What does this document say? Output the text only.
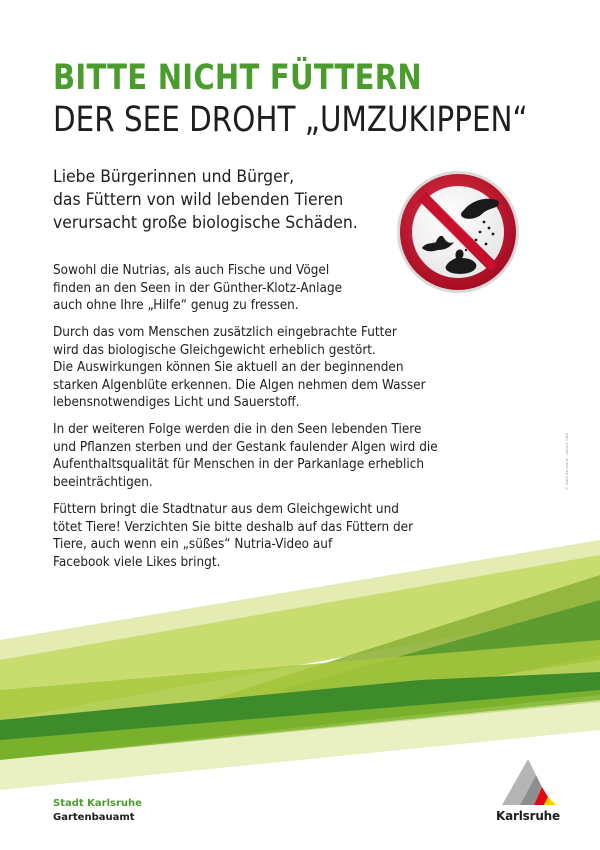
BITTE NICHT FÜTTERN
DER SEE DROHT „UMZUKIPPEN“
Liebe Bürgerinnen und Bürger,
das Füttern von wild lebenden Tieren
verursacht große biologische Schäden.
Sowohl die Nutrias, als auch Fische und Vögel
finden an den Seen in der Günther-Klotz-Anlage
auch ohne Ihre „Hilfe“ genug zu fressen.
Durch das vom Menschen zusätzlich eingebrachte Futter
wird das biologische Gleichgewicht erheblich gestört.
Die Auswirkungen können Sie aktuell an der beginnenden
starken Algenblüte erkennen. Die Algen nehmen dem Wasser
lebensnotwendiges Licht und Sauerstoff.
In der weiteren Folge werden die in den Seen lebenden Tiere
und Pflanzen sterben und der Gestank faulender Algen wird die
Aufenthaltsqualität für Menschen in der Parkanlage erheblich
beeinträchtigen.
Füttern bringt die Stadtnatur aus dem Gleichgewicht und
tötet Tiere! Verzichten Sie bitte deshalb auf das Füttern der
Tiere, auch wenn ein „süßes“ Nutria-Video auf
Facebook viele Likes bringt.
© Stadt Karlsruhe · Layout: GBA
Stadt Karlsruhe
Gartenbauamt	Karlsruhe
